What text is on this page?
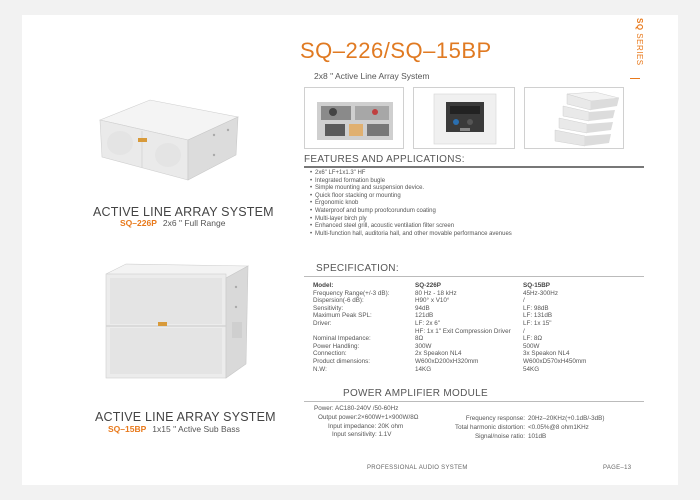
ACTIVE LINE ARRAY SYSTEM
SQ–226P 2x6 " Full Range
ACTIVE LINE ARRAY SYSTEM
SQ–15BP 1x15 " Active Sub Bass
SQ SERIES
SQ–226/SQ–15BP
2x8 " Active Line Array System
FEATURES AND APPLICATIONS:
• 2x6" LF+1x1.3" HF
• Integrated formation bugle
• Simple mounting and suspension device.
• Quick floor stacking or mounting
• Ergonomic knob
• Waterproof and bump proofcorundum coating
• Multi-layer birch ply
• Enhanced steel grill, acoustic ventilation filter screen
• Multi-function hall, auditoria hall, and other movable performance avenues
SPECIFICATION:
Model:
Frequency Range(+/-3 dB):
Dispersion(-6 dB):
Sensitivity:
Maximum Peak SPL:
Driver:
Nominal Impedance:
Power Handling:
Connection:
Product dimensions:
N.W:
SQ-226P
80 Hz - 18 kHz
H90° x V10°
94dB
121dB
LF: 2x 6"
HF: 1x 1" Exit Compression Driver
8Ω
300W
2x Speakon NL4
W600xD200xH320mm
14KG
SQ-15BP
45Hz-300Hz
/
LF: 98dB
LF: 131dB
LF: 1x 15"
/
LF: 8Ω
500W
3x Speakon NL4
W600xD570xH450mm
54KG
POWER AMPLIFIER MODULE
Power: AC180-240V /50-60Hz
Output power:2×600W+1×900W/8Ω
Input impedance: 20K ohm
Input sensitivity: 1.1V
Frequency response:
Total harmonic distortion:
Signal/noise ratio:
20Hz–20KHz(+0.1dB/-3dB)
<0.05%@8 ohm1KHz
101dB
PROFESSIONAL AUDIO SYSTEM	PAGE–13
